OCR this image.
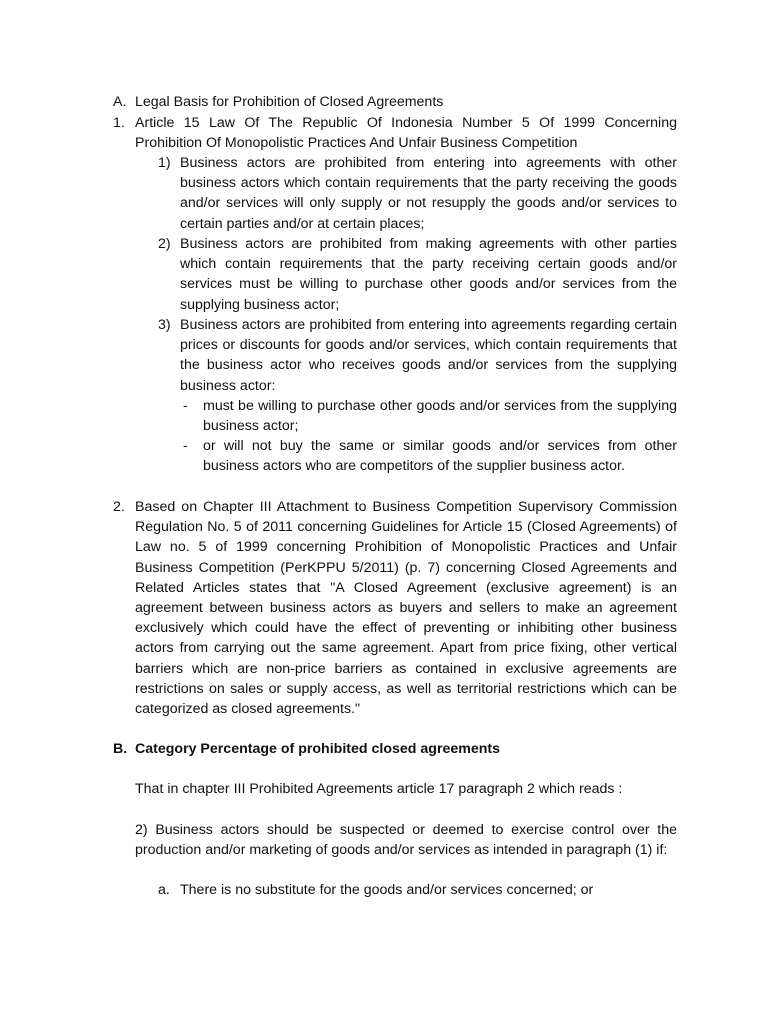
A. Legal Basis for Prohibition of Closed Agreements
1. Article 15 Law Of The Republic Of Indonesia Number 5 Of 1999 Concerning
Prohibition Of Monopolistic Practices And Unfair Business Competition
1) Business actors are prohibited from entering into agreements with other business actors which contain requirements that the party receiving the goods and/or services will only supply or not resupply the goods and/or services to certain parties and/or at certain places;
2) Business actors are prohibited from making agreements with other parties which contain requirements that the party receiving certain goods and/or services must be willing to purchase other goods and/or services from the supplying business actor;
3) Business actors are prohibited from entering into agreements regarding certain prices or discounts for goods and/or services, which contain requirements that the business actor who receives goods and/or services from the supplying business actor:
- must be willing to purchase other goods and/or services from the supplying business actor;
- or will not buy the same or similar goods and/or services from other business actors who are competitors of the supplier business actor.
2. Based on Chapter III Attachment to Business Competition Supervisory Commission Regulation No. 5 of 2011 concerning Guidelines for Article 15 (Closed Agreements) of Law no. 5 of 1999 concerning Prohibition of Monopolistic Practices and Unfair Business Competition (PerKPPU 5/2011) (p. 7) concerning Closed Agreements and Related Articles states that "A Closed Agreement (exclusive agreement) is an agreement between business actors as buyers and sellers to make an agreement exclusively which could have the effect of preventing or inhibiting other business actors from carrying out the same agreement. Apart from price fixing, other vertical barriers which are non-price barriers as contained in exclusive agreements are restrictions on sales or supply access, as well as territorial restrictions which can be categorized as closed agreements."
B. Category Percentage of prohibited closed agreements
That in chapter III Prohibited Agreements article 17 paragraph 2 which reads :
2) Business actors should be suspected or deemed to exercise control over the production and/or marketing of goods and/or services as intended in paragraph (1) if:
a. There is no substitute for the goods and/or services concerned; or
